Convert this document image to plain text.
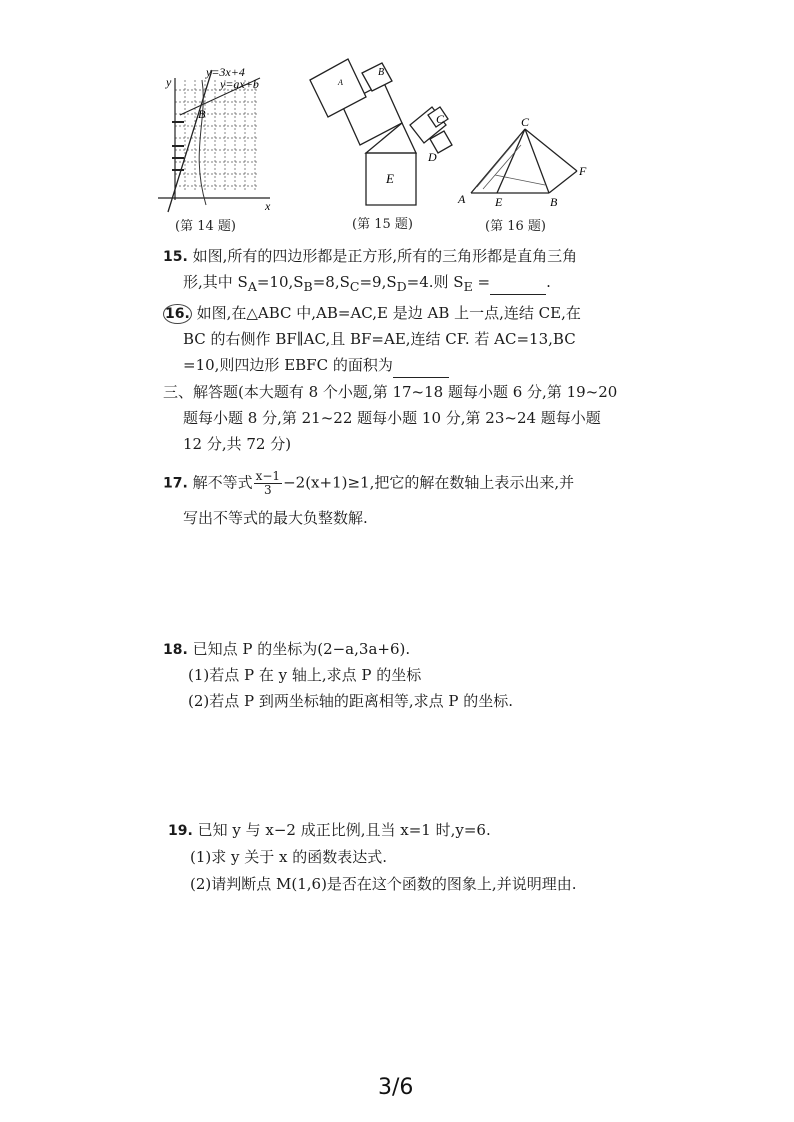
y=3x+4
y=ax+b
y
x
B
(第 14 题)
A
B
C
D
E
(第 15 题)
A E	B
C
F
(第 16 题)
15. 如图,所有的四边形都是正方形,所有的三角形都是直角三角
形,其中 $S_A=10,S_B=8,S_C=9,S_D=4$.则 $S_E$ =	.
16. 如图,在△ABC 中,AB=AC,E 是边 AB 上一点,连结 CE,在
BC 的右侧作 BF∥AC,且 BF=AE,连结 CF. 若 AC=13,BC
=10,则四边形 EBFC 的面积为
三、解答题(本大题有 8 个小题,第 17~18 题每小题 6 分,第 19~20
题每小题 8 分,第 21~22 题每小题 10 分,第 23~24 题每小题
12 分,共 72 分)
17. 解不等式 $\frac{x-1}{3} -2(x+1)\ge 1$,把它的解在数轴上表示出来,并
写出不等式的最大负整数解.
18. 已知点 P 的坐标为(2−a,3a+6).
(1)若点 P 在 y 轴上,求点 P 的坐标
(2)若点 P 到两坐标轴的距离相等,求点 P 的坐标.
19. 已知 y 与 x−2 成正比例,且当 x=1 时,y=6.
(1)求 y 关于 x 的函数表达式.
(2)请判断点 M(1,6)是否在这个函数的图象上,并说明理由.
3/6
